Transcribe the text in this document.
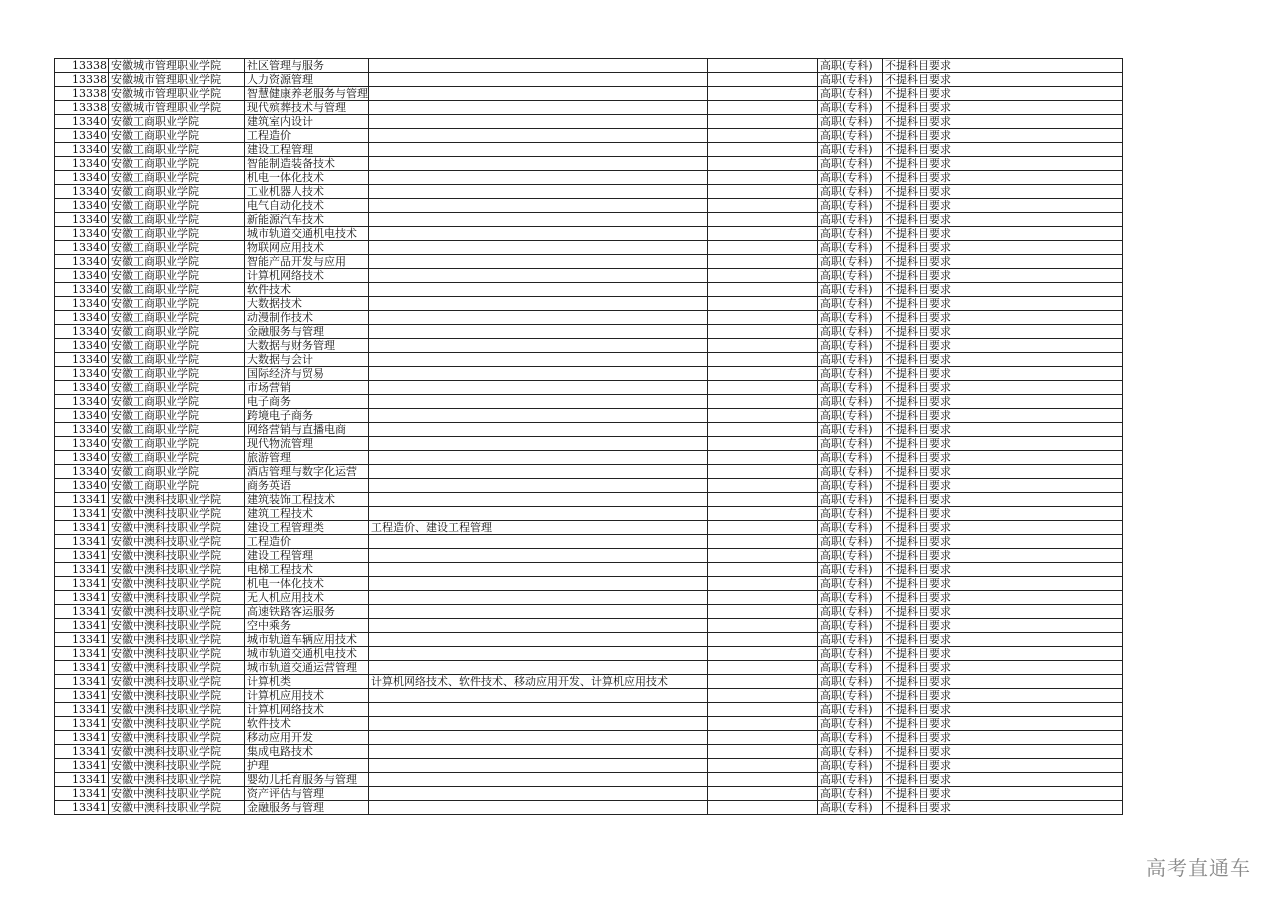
13338	安徽城市管理职业学院	社区管理与服务			高职(专科)	不提科目要求
13338	安徽城市管理职业学院	人力资源管理			高职(专科)	不提科目要求
13338	安徽城市管理职业学院	智慧健康养老服务与管理			高职(专科)	不提科目要求
13338	安徽城市管理职业学院	现代殡葬技术与管理			高职(专科)	不提科目要求
13340	安徽工商职业学院	建筑室内设计			高职(专科)	不提科目要求
13340	安徽工商职业学院	工程造价			高职(专科)	不提科目要求
13340	安徽工商职业学院	建设工程管理			高职(专科)	不提科目要求
13340	安徽工商职业学院	智能制造装备技术			高职(专科)	不提科目要求
13340	安徽工商职业学院	机电一体化技术			高职(专科)	不提科目要求
13340	安徽工商职业学院	工业机器人技术			高职(专科)	不提科目要求
13340	安徽工商职业学院	电气自动化技术			高职(专科)	不提科目要求
13340	安徽工商职业学院	新能源汽车技术			高职(专科)	不提科目要求
13340	安徽工商职业学院	城市轨道交通机电技术			高职(专科)	不提科目要求
13340	安徽工商职业学院	物联网应用技术			高职(专科)	不提科目要求
13340	安徽工商职业学院	智能产品开发与应用			高职(专科)	不提科目要求
13340	安徽工商职业学院	计算机网络技术			高职(专科)	不提科目要求
13340	安徽工商职业学院	软件技术			高职(专科)	不提科目要求
13340	安徽工商职业学院	大数据技术			高职(专科)	不提科目要求
13340	安徽工商职业学院	动漫制作技术			高职(专科)	不提科目要求
13340	安徽工商职业学院	金融服务与管理			高职(专科)	不提科目要求
13340	安徽工商职业学院	大数据与财务管理			高职(专科)	不提科目要求
13340	安徽工商职业学院	大数据与会计			高职(专科)	不提科目要求
13340	安徽工商职业学院	国际经济与贸易			高职(专科)	不提科目要求
13340	安徽工商职业学院	市场营销			高职(专科)	不提科目要求
13340	安徽工商职业学院	电子商务			高职(专科)	不提科目要求
13340	安徽工商职业学院	跨境电子商务			高职(专科)	不提科目要求
13340	安徽工商职业学院	网络营销与直播电商			高职(专科)	不提科目要求
13340	安徽工商职业学院	现代物流管理			高职(专科)	不提科目要求
13340	安徽工商职业学院	旅游管理			高职(专科)	不提科目要求
13340	安徽工商职业学院	酒店管理与数字化运营			高职(专科)	不提科目要求
13340	安徽工商职业学院	商务英语			高职(专科)	不提科目要求
13341	安徽中澳科技职业学院	建筑装饰工程技术			高职(专科)	不提科目要求
13341	安徽中澳科技职业学院	建筑工程技术			高职(专科)	不提科目要求
13341	安徽中澳科技职业学院	建设工程管理类	工程造价、建设工程管理		高职(专科)	不提科目要求
13341	安徽中澳科技职业学院	工程造价			高职(专科)	不提科目要求
13341	安徽中澳科技职业学院	建设工程管理			高职(专科)	不提科目要求
13341	安徽中澳科技职业学院	电梯工程技术			高职(专科)	不提科目要求
13341	安徽中澳科技职业学院	机电一体化技术			高职(专科)	不提科目要求
13341	安徽中澳科技职业学院	无人机应用技术			高职(专科)	不提科目要求
13341	安徽中澳科技职业学院	高速铁路客运服务			高职(专科)	不提科目要求
13341	安徽中澳科技职业学院	空中乘务			高职(专科)	不提科目要求
13341	安徽中澳科技职业学院	城市轨道车辆应用技术			高职(专科)	不提科目要求
13341	安徽中澳科技职业学院	城市轨道交通机电技术			高职(专科)	不提科目要求
13341	安徽中澳科技职业学院	城市轨道交通运营管理			高职(专科)	不提科目要求
13341	安徽中澳科技职业学院	计算机类	计算机网络技术、软件技术、移动应用开发、计算机应用技术		高职(专科)	不提科目要求
13341	安徽中澳科技职业学院	计算机应用技术			高职(专科)	不提科目要求
13341	安徽中澳科技职业学院	计算机网络技术			高职(专科)	不提科目要求
13341	安徽中澳科技职业学院	软件技术			高职(专科)	不提科目要求
13341	安徽中澳科技职业学院	移动应用开发			高职(专科)	不提科目要求
13341	安徽中澳科技职业学院	集成电路技术			高职(专科)	不提科目要求
13341	安徽中澳科技职业学院	护理			高职(专科)	不提科目要求
13341	安徽中澳科技职业学院	婴幼儿托育服务与管理			高职(专科)	不提科目要求
13341	安徽中澳科技职业学院	资产评估与管理			高职(专科)	不提科目要求
13341	安徽中澳科技职业学院	金融服务与管理			高职(专科)	不提科目要求
高考直通车
